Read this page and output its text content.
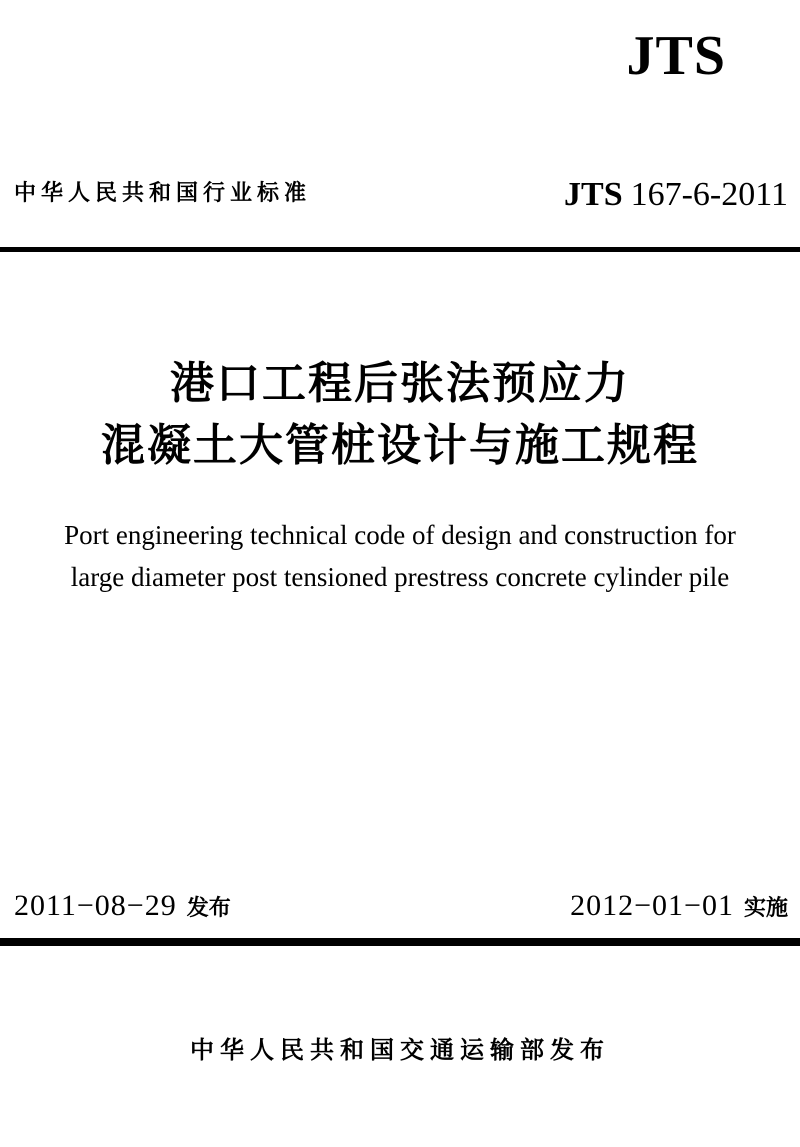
JTS
中华人民共和国行业标准	JTS 167-6-2011
港口工程后张法预应力
混凝土大管桩设计与施工规程
Port engineering technical code of design and construction for
large diameter post tensioned prestress concrete cylinder pile
2011−08−29 发布	2012−01−01 实施
中华人民共和国交通运输部发布
